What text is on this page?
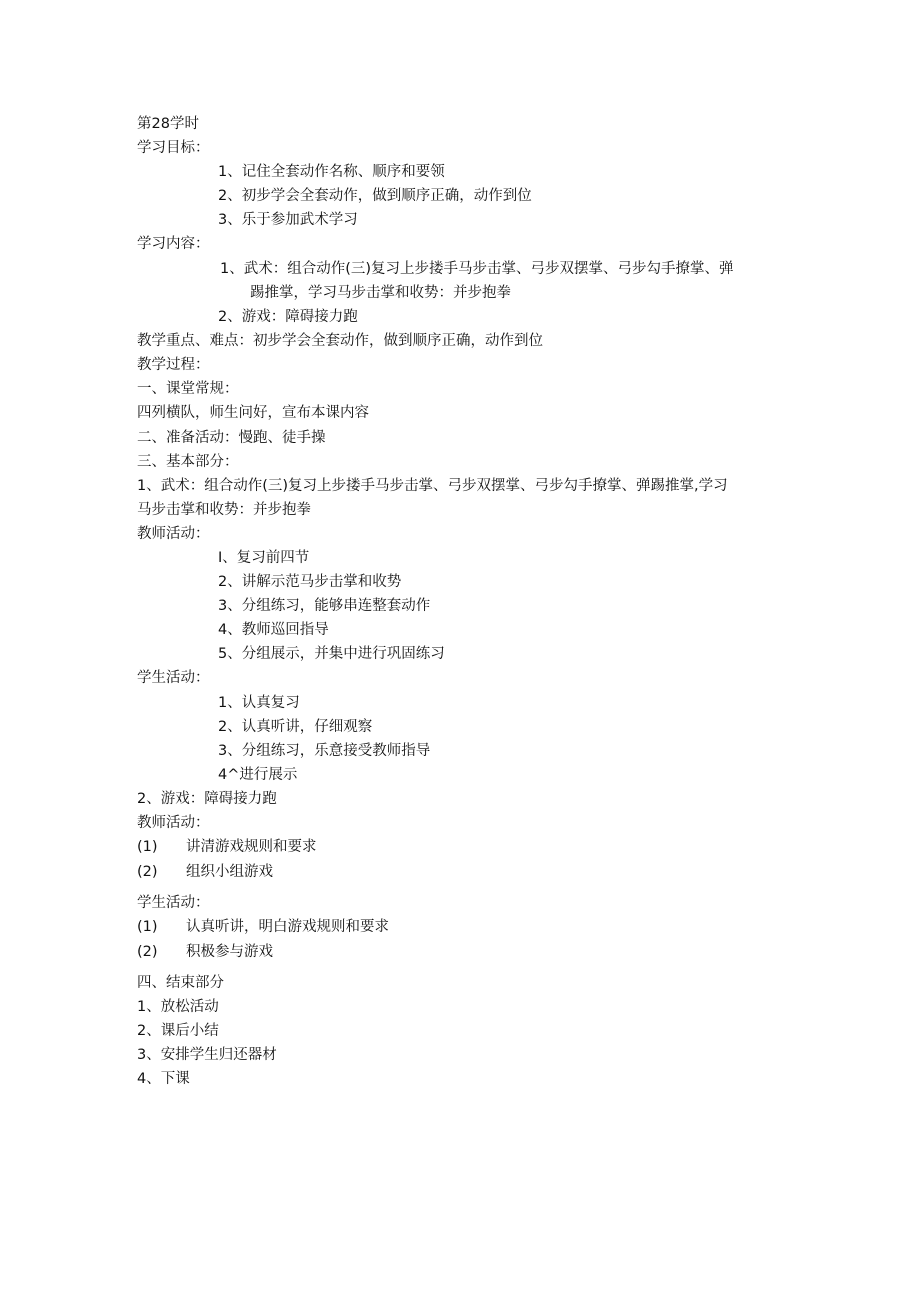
第28学时
学习目标：
1、记住全套动作名称、顺序和要领
2、初步学会全套动作，做到顺序正确，动作到位
3、乐于参加武术学习
学习内容：
1、武术：组合动作(三)复习上步搂手马步击掌、弓步双摆掌、弓步勾手撩掌、弹
踢推掌，学习马步击掌和收势：并步抱拳
2、游戏：障碍接力跑
教学重点、难点：初步学会全套动作，做到顺序正确，动作到位
教学过程：
一、课堂常规：
四列横队，师生问好，宣布本课内容
二、准备活动：慢跑、徒手操
三、基本部分：
1、武术：组合动作(三)复习上步搂手马步击掌、弓步双摆掌、弓步勾手撩掌、弹踢推掌,学习
马步击掌和收势：并步抱拳
教师活动：
I、复习前四节
2、讲解示范马步击掌和收势
3、分组练习，能够串连整套动作
4、教师巡回指导
5、分组展示，并集中进行巩固练习
学生活动：
1、认真复习
2、认真听讲，仔细观察
3、分组练习，乐意接受教师指导
4^进行展示
2、游戏：障碍接力跑
教师活动：
(1) 讲清游戏规则和要求
(2) 组织小组游戏
学生活动：
(1) 认真听讲，明白游戏规则和要求
(2) 积极参与游戏
四、结束部分
1、放松活动
2、课后小结
3、安排学生归还器材
4、下课
